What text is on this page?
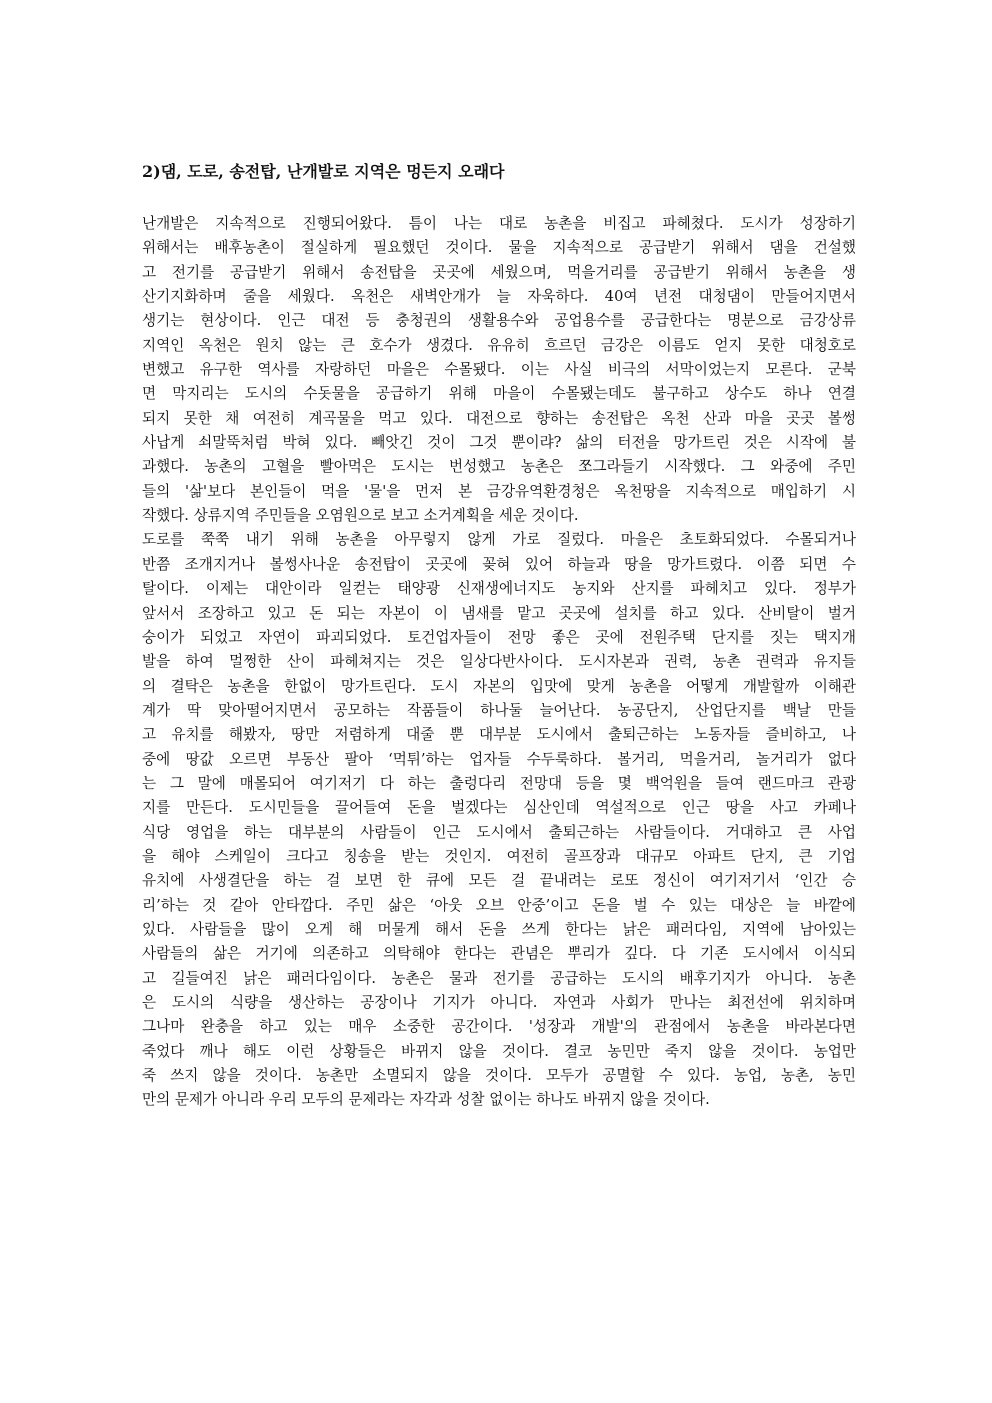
2)댐, 도로, 송전탑, 난개발로 지역은 멍든지 오래다
난개발은 지속적으로 진행되어왔다. 틈이 나는 대로 농촌을 비집고 파헤쳤다. 도시가 성장하기
위해서는 배후농촌이 절실하게 필요했던 것이다. 물을 지속적으로 공급받기 위해서 댐을 건설했
고 전기를 공급받기 위해서 송전탑을 곳곳에 세웠으며, 먹을거리를 공급받기 위해서 농촌을 생
산기지화하며 줄을 세웠다. 옥천은 새벽안개가 늘 자욱하다. 40여 년전 대청댐이 만들어지면서
생기는 현상이다. 인근 대전 등 충청권의 생활용수와 공업용수를 공급한다는 명분으로 금강상류
지역인 옥천은 원치 않는 큰 호수가 생겼다. 유유히 흐르던 금강은 이름도 얻지 못한 대청호로
변했고 유구한 역사를 자랑하던 마을은 수몰됐다. 이는 사실 비극의 서막이었는지 모른다. 군북
면 막지리는 도시의 수돗물을 공급하기 위해 마을이 수몰됐는데도 불구하고 상수도 하나 연결
되지 못한 채 여전히 계곡물을 먹고 있다. 대전으로 향하는 송전탑은 옥천 산과 마을 곳곳 볼썽
사납게 쇠말뚝처럼 박혀 있다. 빼앗긴 것이 그것 뿐이랴? 삶의 터전을 망가트린 것은 시작에 불
과했다. 농촌의 고혈을 빨아먹은 도시는 번성했고 농촌은 쪼그라들기 시작했다. 그 와중에 주민
들의 '삶'보다 본인들이 먹을 '물'을 먼저 본 금강유역환경청은 옥천땅을 지속적으로 매입하기 시
작했다. 상류지역 주민들을 오염원으로 보고 소거계획을 세운 것이다.
도로를 쭉쭉 내기 위해 농촌을 아무렇지 않게 가로 질렀다. 마을은 초토화되었다. 수몰되거나
반쯤 조개지거나 볼썽사나운 송전탑이 곳곳에 꽂혀 있어 하늘과 땅을 망가트렸다. 이쯤 되면 수
탈이다. 이제는 대안이라 일컫는 태양광 신재생에너지도 농지와 산지를 파헤치고 있다. 정부가
앞서서 조장하고 있고 돈 되는 자본이 이 냄새를 맡고 곳곳에 설치를 하고 있다. 산비탈이 벌거
숭이가 되었고 자연이 파괴되었다. 토건업자들이 전망 좋은 곳에 전원주택 단지를 짓는 택지개
발을 하여 멀쩡한 산이 파헤쳐지는 것은 일상다반사이다. 도시자본과 권력, 농촌 권력과 유지들
의 결탁은 농촌을 한없이 망가트린다. 도시 자본의 입맛에 맞게 농촌을 어떻게 개발할까 이해관
계가 딱 맞아떨어지면서 공모하는 작품들이 하나둘 늘어난다. 농공단지, 산업단지를 백날 만들
고 유치를 해봤자, 땅만 저렴하게 대줄 뿐 대부분 도시에서 출퇴근하는 노동자들 즐비하고, 나
중에 땅값 오르면 부동산 팔아 ‘먹튀’하는 업자들 수두룩하다. 볼거리, 먹을거리, 놀거리가 없다
는 그 말에 매몰되어 여기저기 다 하는 출렁다리 전망대 등을 몇 백억원을 들여 랜드마크 관광
지를 만든다. 도시민들을 끌어들여 돈을 벌겠다는 심산인데 역설적으로 인근 땅을 사고 카페나
식당 영업을 하는 대부분의 사람들이 인근 도시에서 출퇴근하는 사람들이다. 거대하고 큰 사업
을 해야 스케일이 크다고 칭송을 받는 것인지. 여전히 골프장과 대규모 아파트 단지, 큰 기업
유치에 사생결단을 하는 걸 보면 한 큐에 모든 걸 끝내려는 로또 정신이 여기저기서 ‘인간 승
리’하는 것 같아 안타깝다. 주민 삶은 ‘아웃 오브 안중’이고 돈을 벌 수 있는 대상은 늘 바깥에
있다. 사람들을 많이 오게 해 머물게 해서 돈을 쓰게 한다는 낡은 패러다임, 지역에 남아있는
사람들의 삶은 거기에 의존하고 의탁해야 한다는 관념은 뿌리가 깊다. 다 기존 도시에서 이식되
고 길들여진 낡은 패러다임이다. 농촌은 물과 전기를 공급하는 도시의 배후기지가 아니다. 농촌
은 도시의 식량을 생산하는 공장이나 기지가 아니다. 자연과 사회가 만나는 최전선에 위치하며
그나마 완충을 하고 있는 매우 소중한 공간이다. '성장과 개발'의 관점에서 농촌을 바라본다면
죽었다 깨나 해도 이런 상황들은 바뀌지 않을 것이다. 결코 농민만 죽지 않을 것이다. 농업만
죽 쓰지 않을 것이다. 농촌만 소멸되지 않을 것이다. 모두가 공멸할 수 있다. 농업, 농촌, 농민
만의 문제가 아니라 우리 모두의 문제라는 자각과 성찰 없이는 하나도 바뀌지 않을 것이다.
